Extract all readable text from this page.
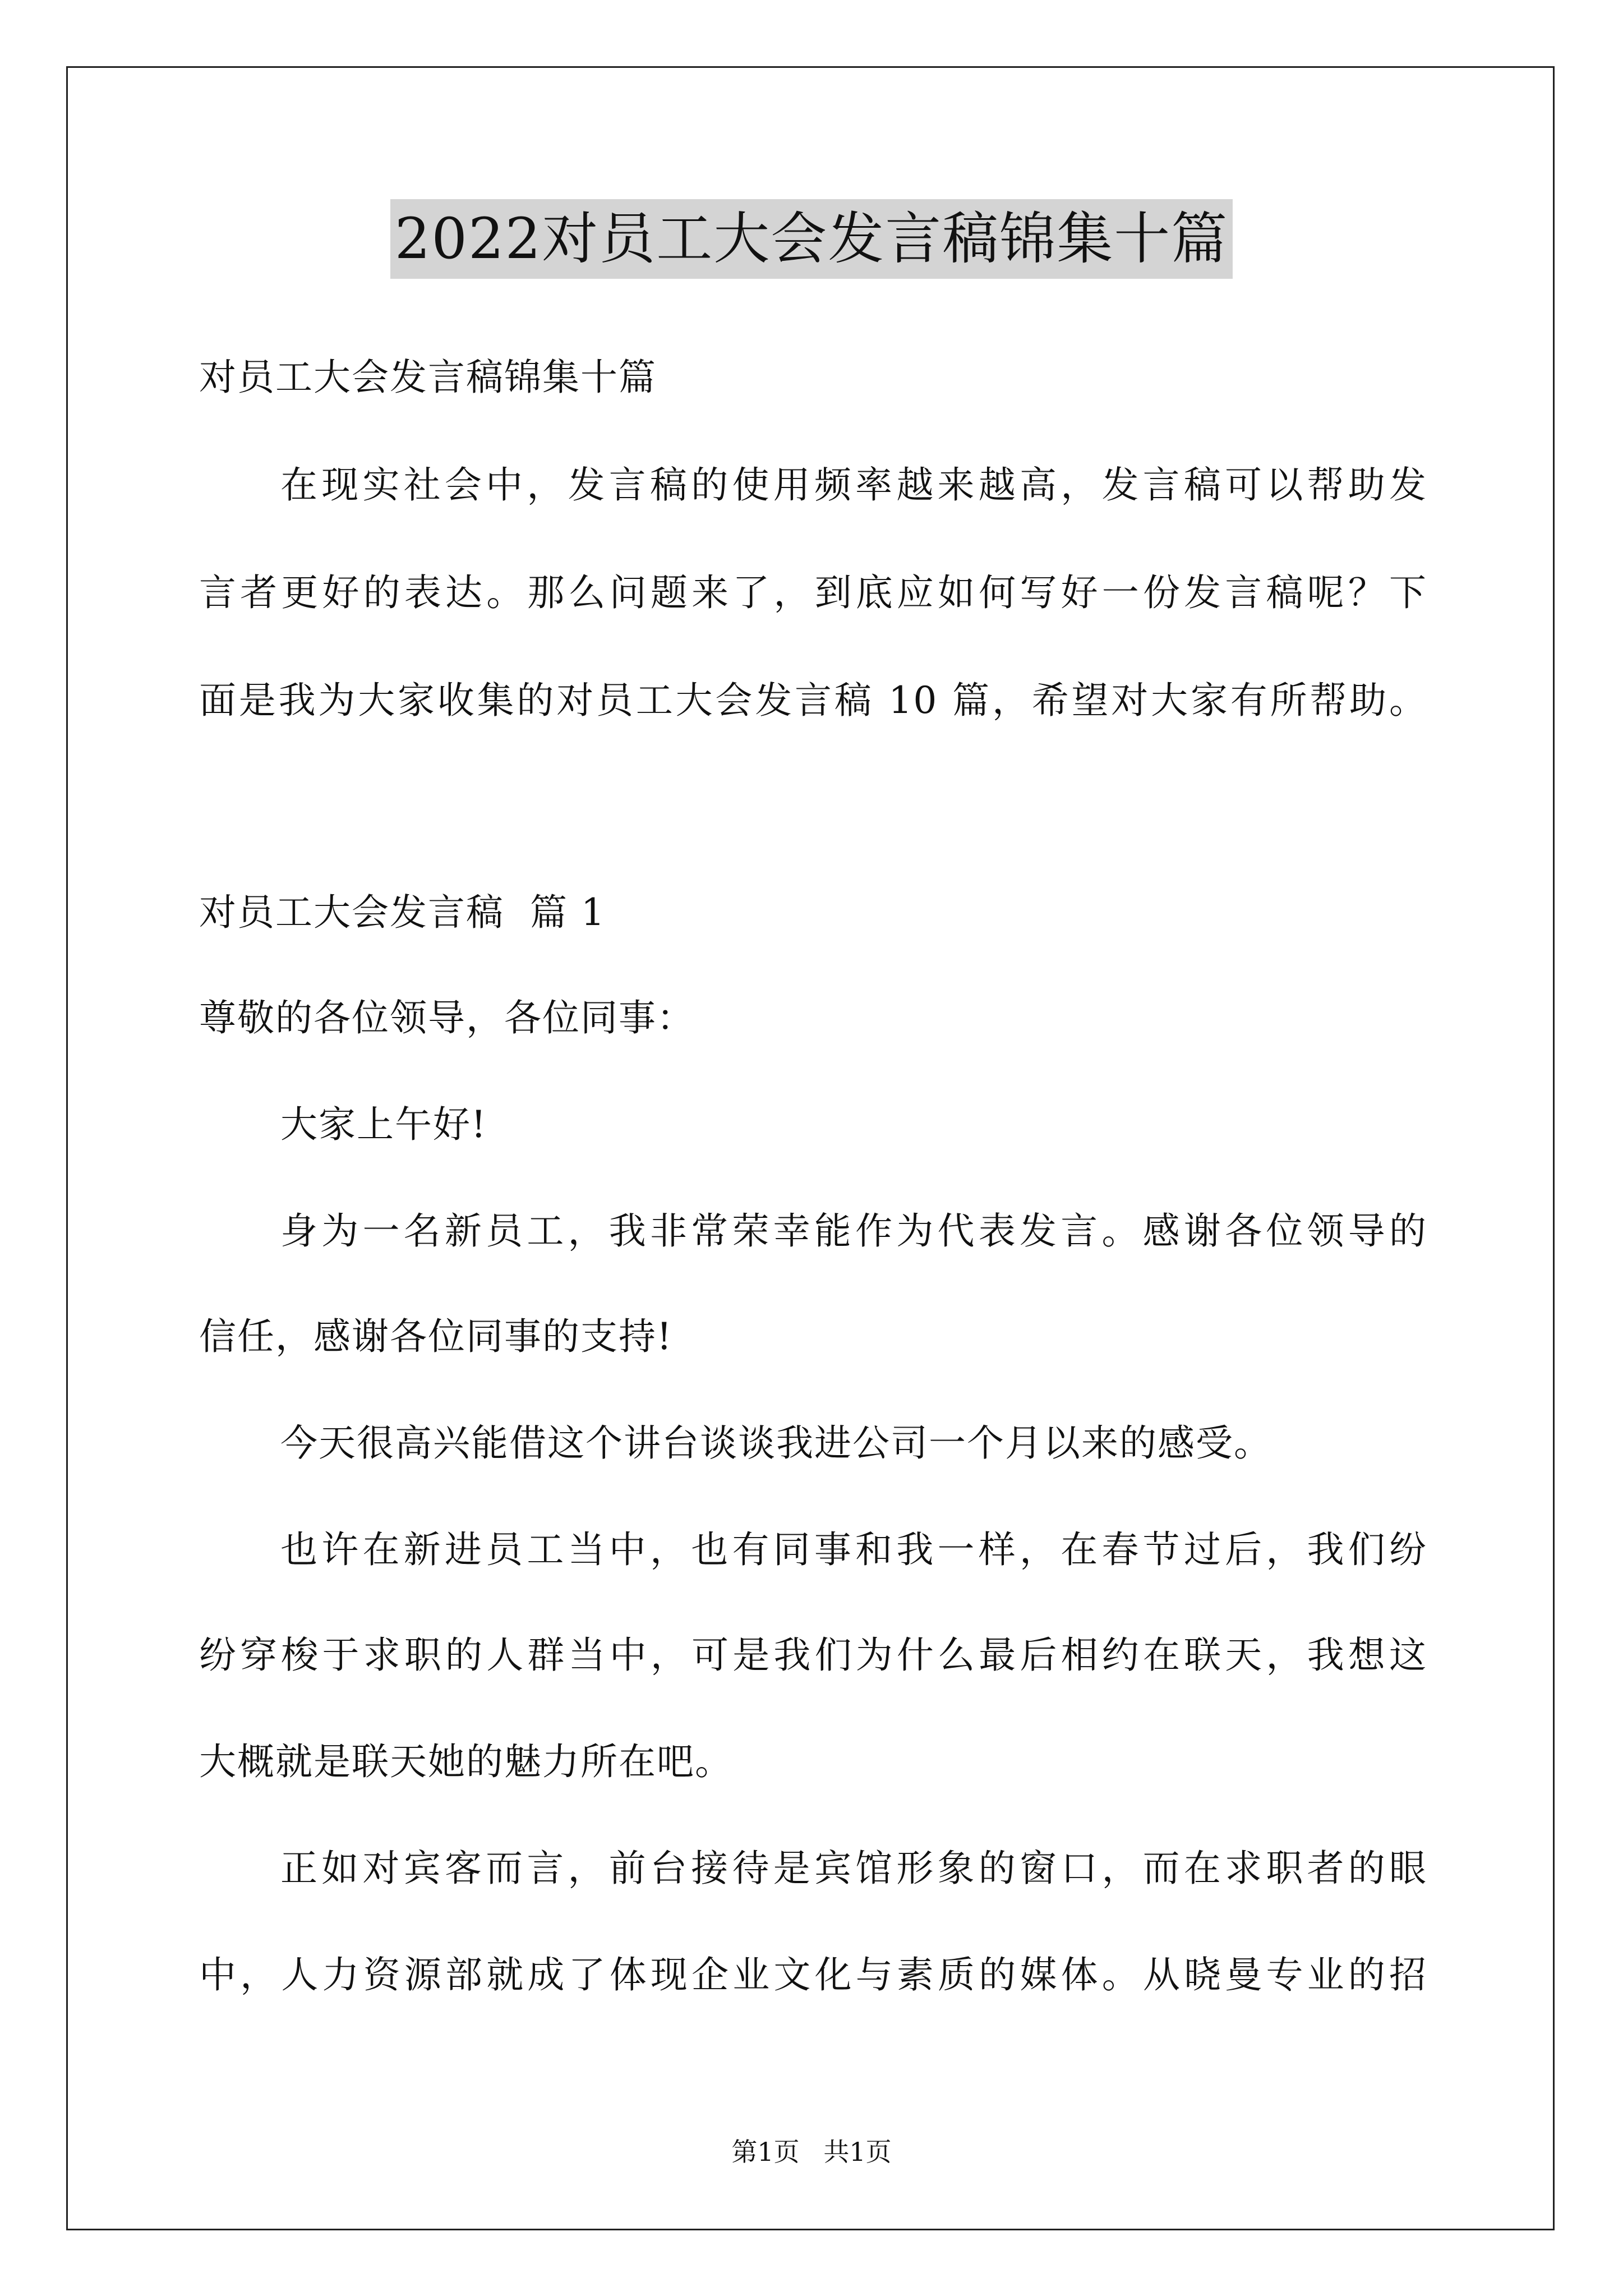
2022对员工大会发言稿锦集十篇
对员工大会发言稿锦集十篇
在现实社会中，发言稿的使用频率越来越高，发言稿可以帮助发
言者更好的表达。那么问题来了，到底应如何写好一份发言稿呢？下
面是我为大家收集的对员工大会发言稿 10 篇，希望对大家有所帮助。
对员工大会发言稿  篇 1
尊敬的各位领导，各位同事：
大家上午好!
身为一名新员工，我非常荣幸能作为代表发言。感谢各位领导的
信任，感谢各位同事的支持!
今天很高兴能借这个讲台谈谈我进公司一个月以来的感受。
也许在新进员工当中，也有同事和我一样，在春节过后，我们纷
纷穿梭于求职的人群当中，可是我们为什么最后相约在联天，我想这
大概就是联天她的魅力所在吧。
正如对宾客而言，前台接待是宾馆形象的窗口，而在求职者的眼
中，人力资源部就成了体现企业文化与素质的媒体。从晓曼专业的招
第1页 共1页
